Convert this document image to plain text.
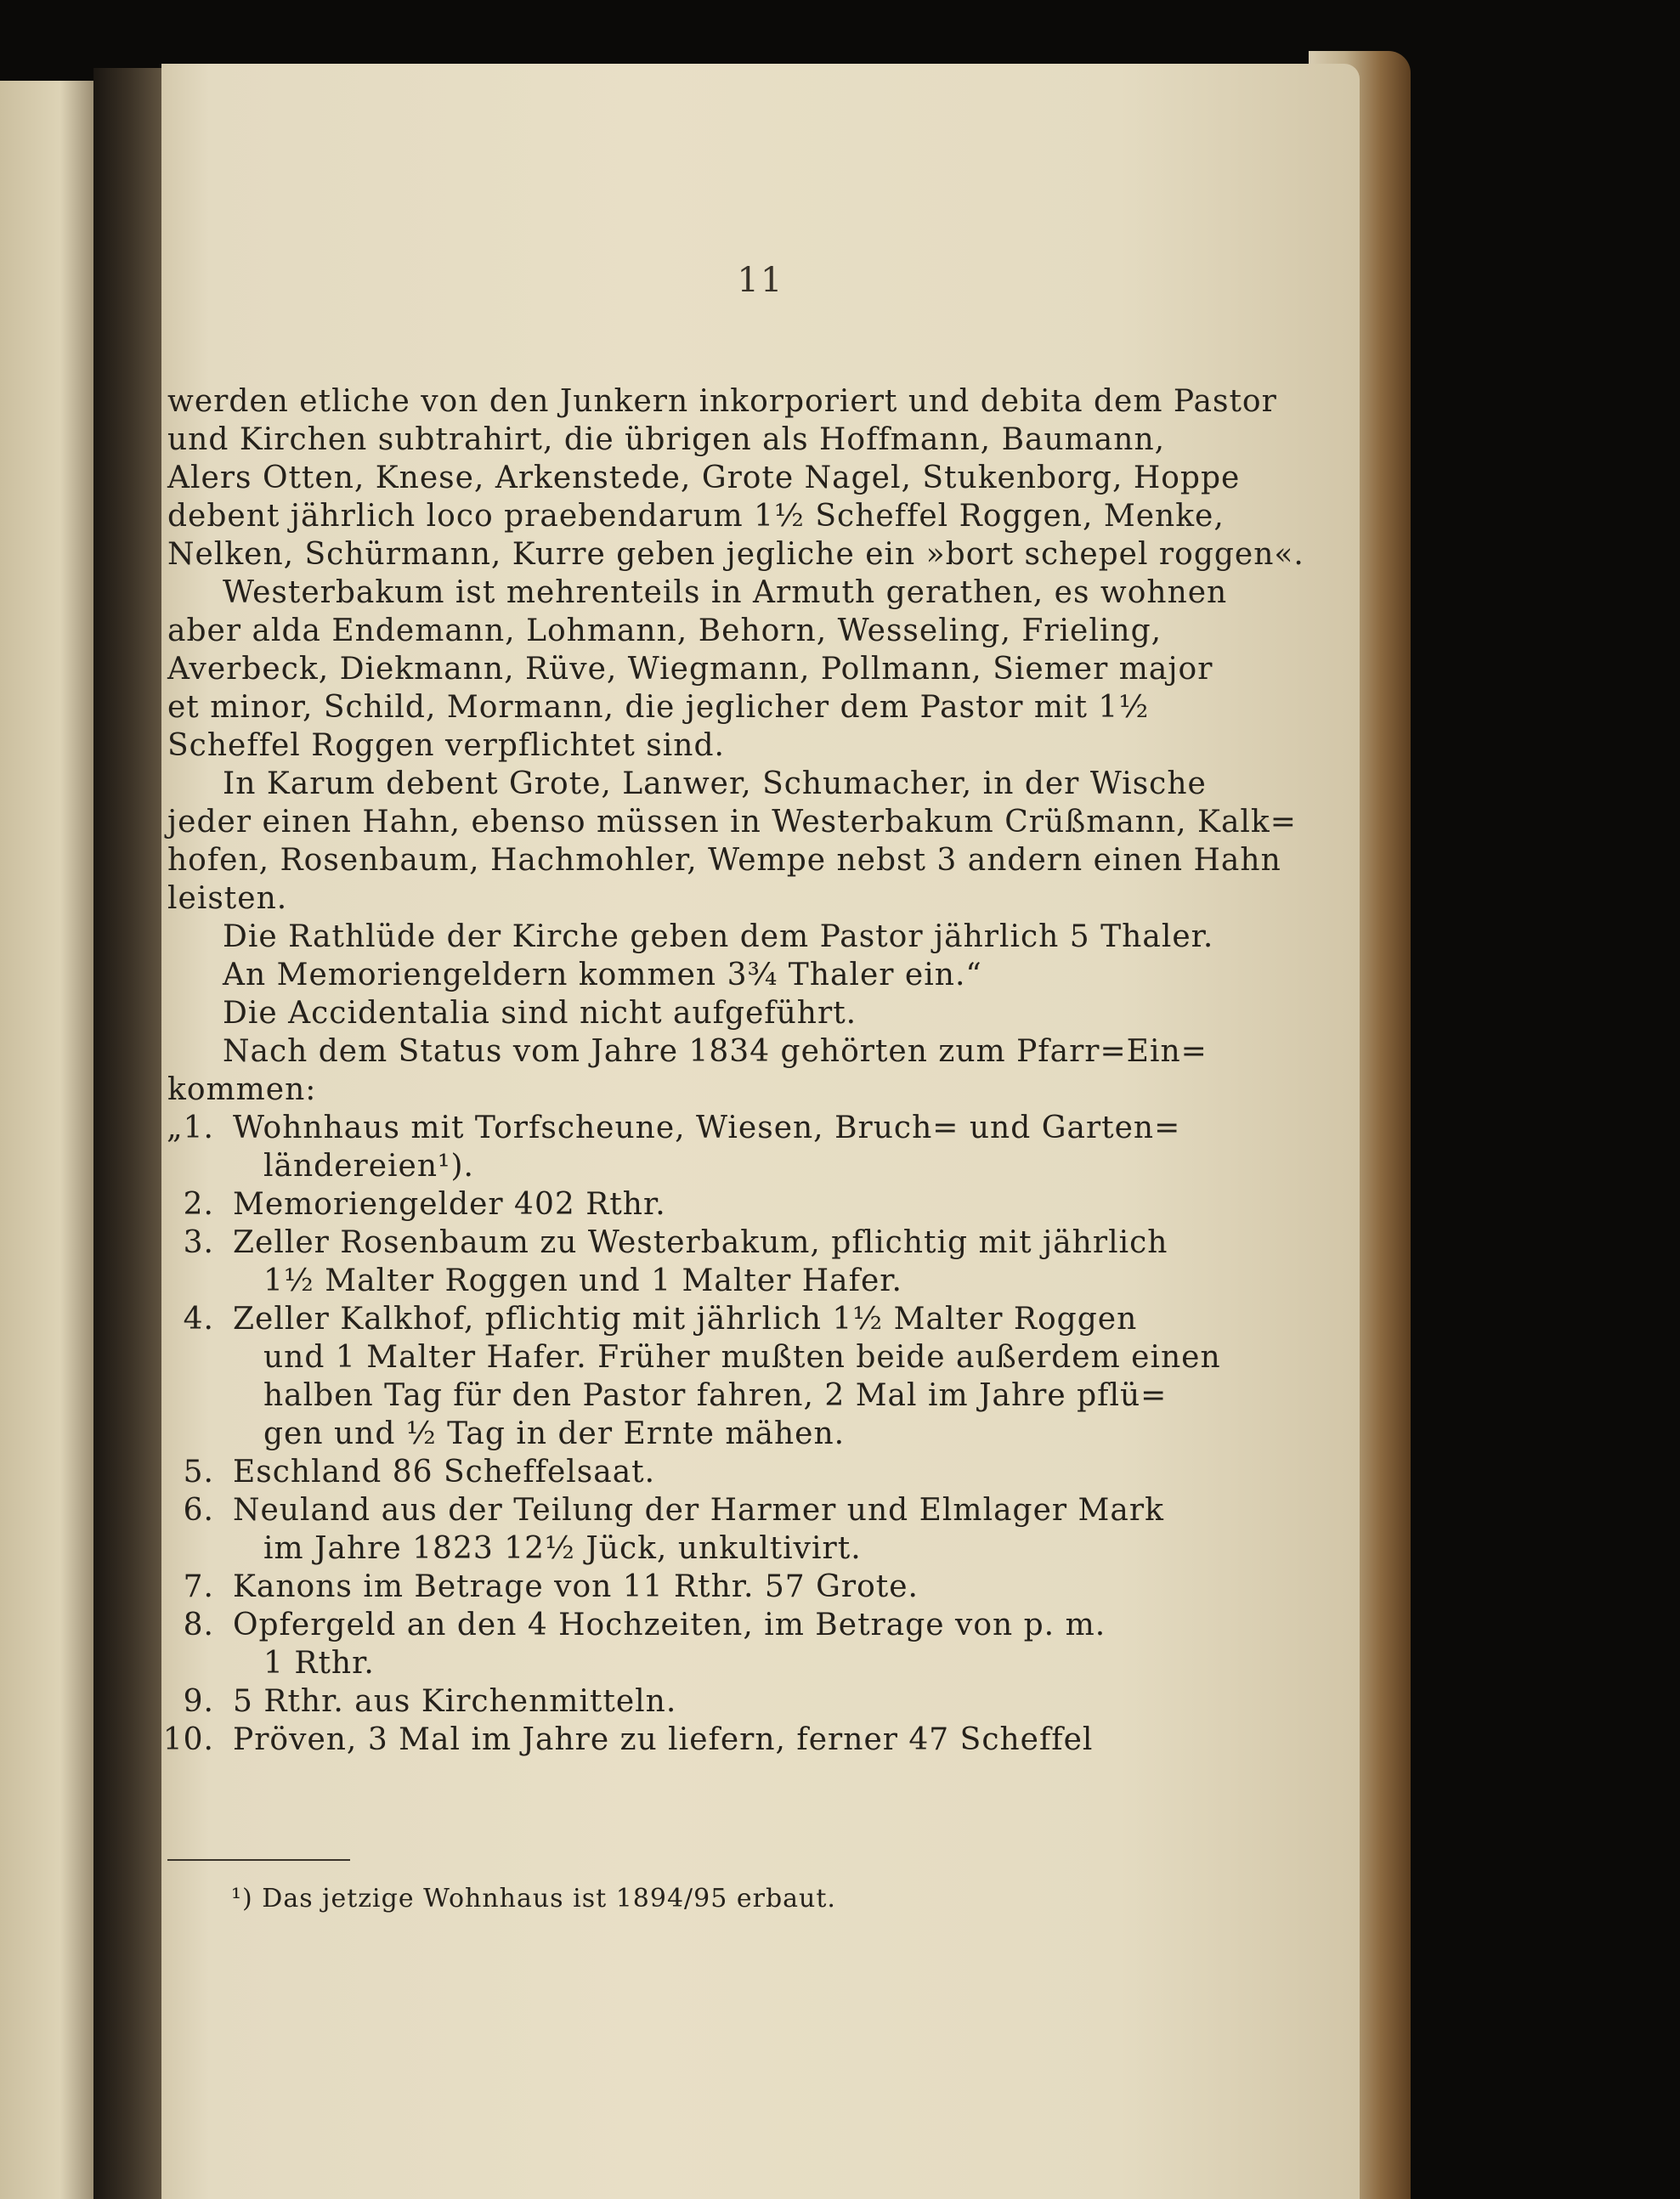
11
werden etliche von den Junkern inkorporiert und debita dem Pastor
und Kirchen subtrahirt, die übrigen als Hoffmann, Baumann,
Alers Otten, Knese, Arkenstede, Grote Nagel, Stukenborg, Hoppe
debent jährlich loco praebendarum 1½ Scheffel Roggen, Menke,
Nelken, Schürmann, Kurre geben jegliche ein »bort schepel roggen«.
Westerbakum ist mehrenteils in Armuth gerathen, es wohnen
aber alda Endemann, Lohmann, Behorn, Wesseling, Frieling,
Averbeck, Diekmann, Rüve, Wiegmann, Pollmann, Siemer major
et minor, Schild, Mormann, die jeglicher dem Pastor mit 1½
Scheffel Roggen verpflichtet sind.
In Karum debent Grote, Lanwer, Schumacher, in der Wische
jeder einen Hahn, ebenso müssen in Westerbakum Crüßmann, Kalk=
hofen, Rosenbaum, Hachmohler, Wempe nebst 3 andern einen Hahn
leisten.
Die Rathlüde der Kirche geben dem Pastor jährlich 5 Thaler.
An Memoriengeldern kommen 3¾ Thaler ein.“
Die Accidentalia sind nicht aufgeführt.
Nach dem Status vom Jahre 1834 gehörten zum Pfarr=Ein=
kommen:
„1. Wohnhaus mit Torfscheune, Wiesen, Bruch= und Garten=
ländereien¹).
2. Memoriengelder 402 Rthr.
3. Zeller Rosenbaum zu Westerbakum, pflichtig mit jährlich
1½ Malter Roggen und 1 Malter Hafer.
4. Zeller Kalkhof, pflichtig mit jährlich 1½ Malter Roggen
und 1 Malter Hafer. Früher mußten beide außerdem einen
halben Tag für den Pastor fahren, 2 Mal im Jahre pflü=
gen und ½ Tag in der Ernte mähen.
5. Eschland 86 Scheffelsaat.
6. Neuland aus der Teilung der Harmer und Elmlager Mark
im Jahre 1823 12½ Jück, unkultivirt.
7. Kanons im Betrage von 11 Rthr. 57 Grote.
8. Opfergeld an den 4 Hochzeiten, im Betrage von p. m.
1 Rthr.
9. 5 Rthr. aus Kirchenmitteln.
10. Pröven, 3 Mal im Jahre zu liefern, ferner 47 Scheffel
¹) Das jetzige Wohnhaus ist 1894/95 erbaut.
